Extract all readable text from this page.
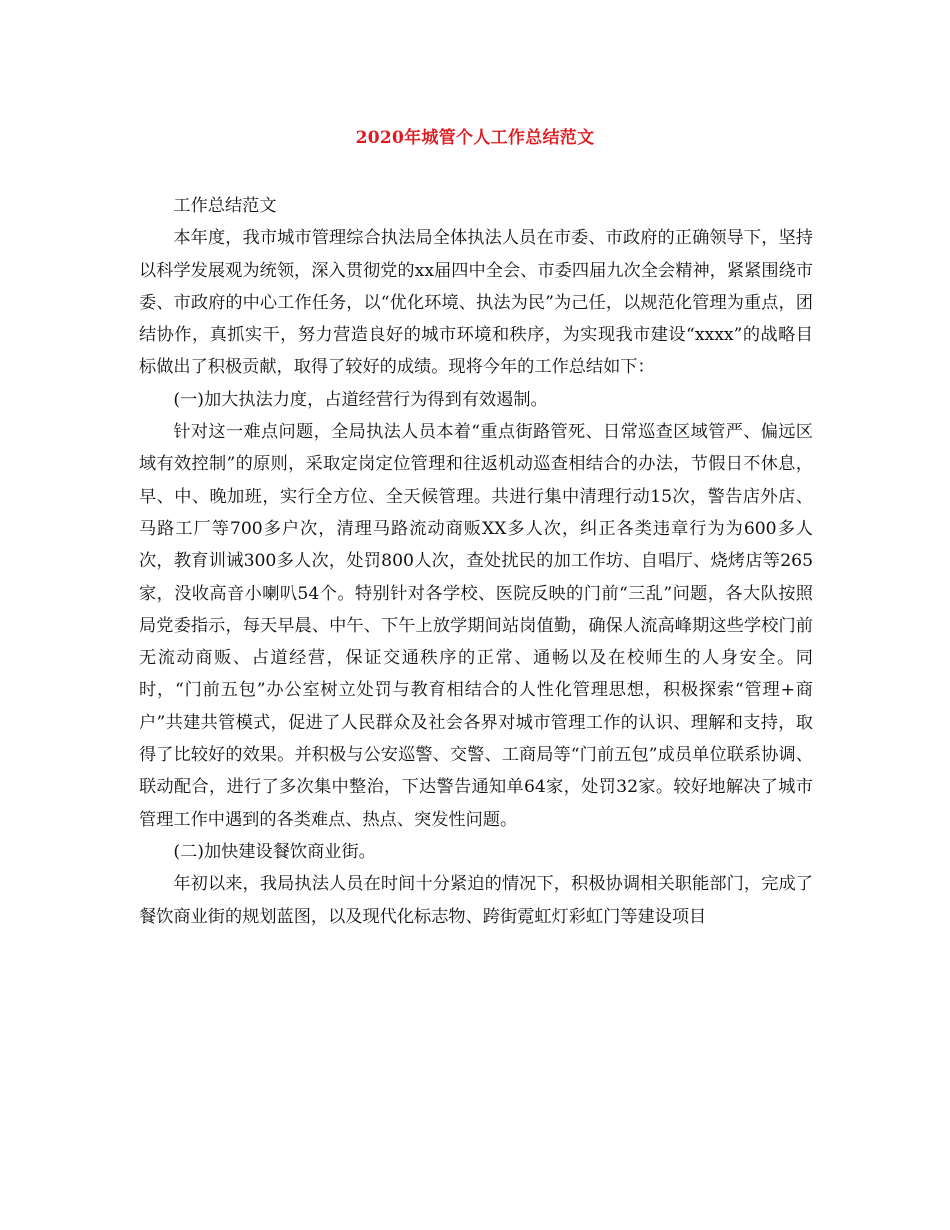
2020年城管个人工作总结范文

工作总结范文

本年度，我市城市管理综合执法局全体执法人员在市委、市政府的正确领导下，坚持以科学发展观为统领，深入贯彻党的xx届四中全会、市委四届九次全会精神，紧紧围绕市委、市政府的中心工作任务，以“优化环境、执法为民”为己任，以规范化管理为重点，团结协作，真抓实干，努力营造良好的城市环境和秩序，为实现我市建设“xxxx”的战略目标做出了积极贡献，取得了较好的成绩。现将今年的工作总结如下：

(一)加大执法力度，占道经营行为得到有效遏制。

针对这一难点问题，全局执法人员本着“重点街路管死、日常巡查区域管严、偏远区域有效控制”的原则，采取定岗定位管理和往返机动巡查相结合的办法，节假日不休息，早、中、晚加班，实行全方位、全天候管理。共进行集中清理行动15次，警告店外店、马路工厂等700多户次，清理马路流动商贩XX多人次，纠正各类违章行为为600多人次，教育训诫300多人次，处罚800人次，查处扰民的加工作坊、自唱厅、烧烤店等265家，没收高音小喇叭54个。特别针对各学校、医院反映的门前“三乱”问题，各大队按照局党委指示，每天早晨、中午、下午上放学期间站岗值勤，确保人流高峰期这些学校门前无流动商贩、占道经营，保证交通秩序的正常、通畅以及在校师生的人身安全。同时，“门前五包”办公室树立处罚与教育相结合的人性化管理思想，积极探索“管理+商户”共建共管模式，促进了人民群众及社会各界对城市管理工作的认识、理解和支持，取得了比较好的效果。并积极与公安巡警、交警、工商局等“门前五包”成员单位联系协调、联动配合，进行了多次集中整治，下达警告通知单64家，处罚32家。较好地解决了城市管理工作中遇到的各类难点、热点、突发性问题。

(二)加快建设餐饮商业街。

年初以来，我局执法人员在时间十分紧迫的情况下，积极协调相关职能部门，完成了餐饮商业街的规划蓝图，以及现代化标志物、跨街霓虹灯彩虹门等建设项目
